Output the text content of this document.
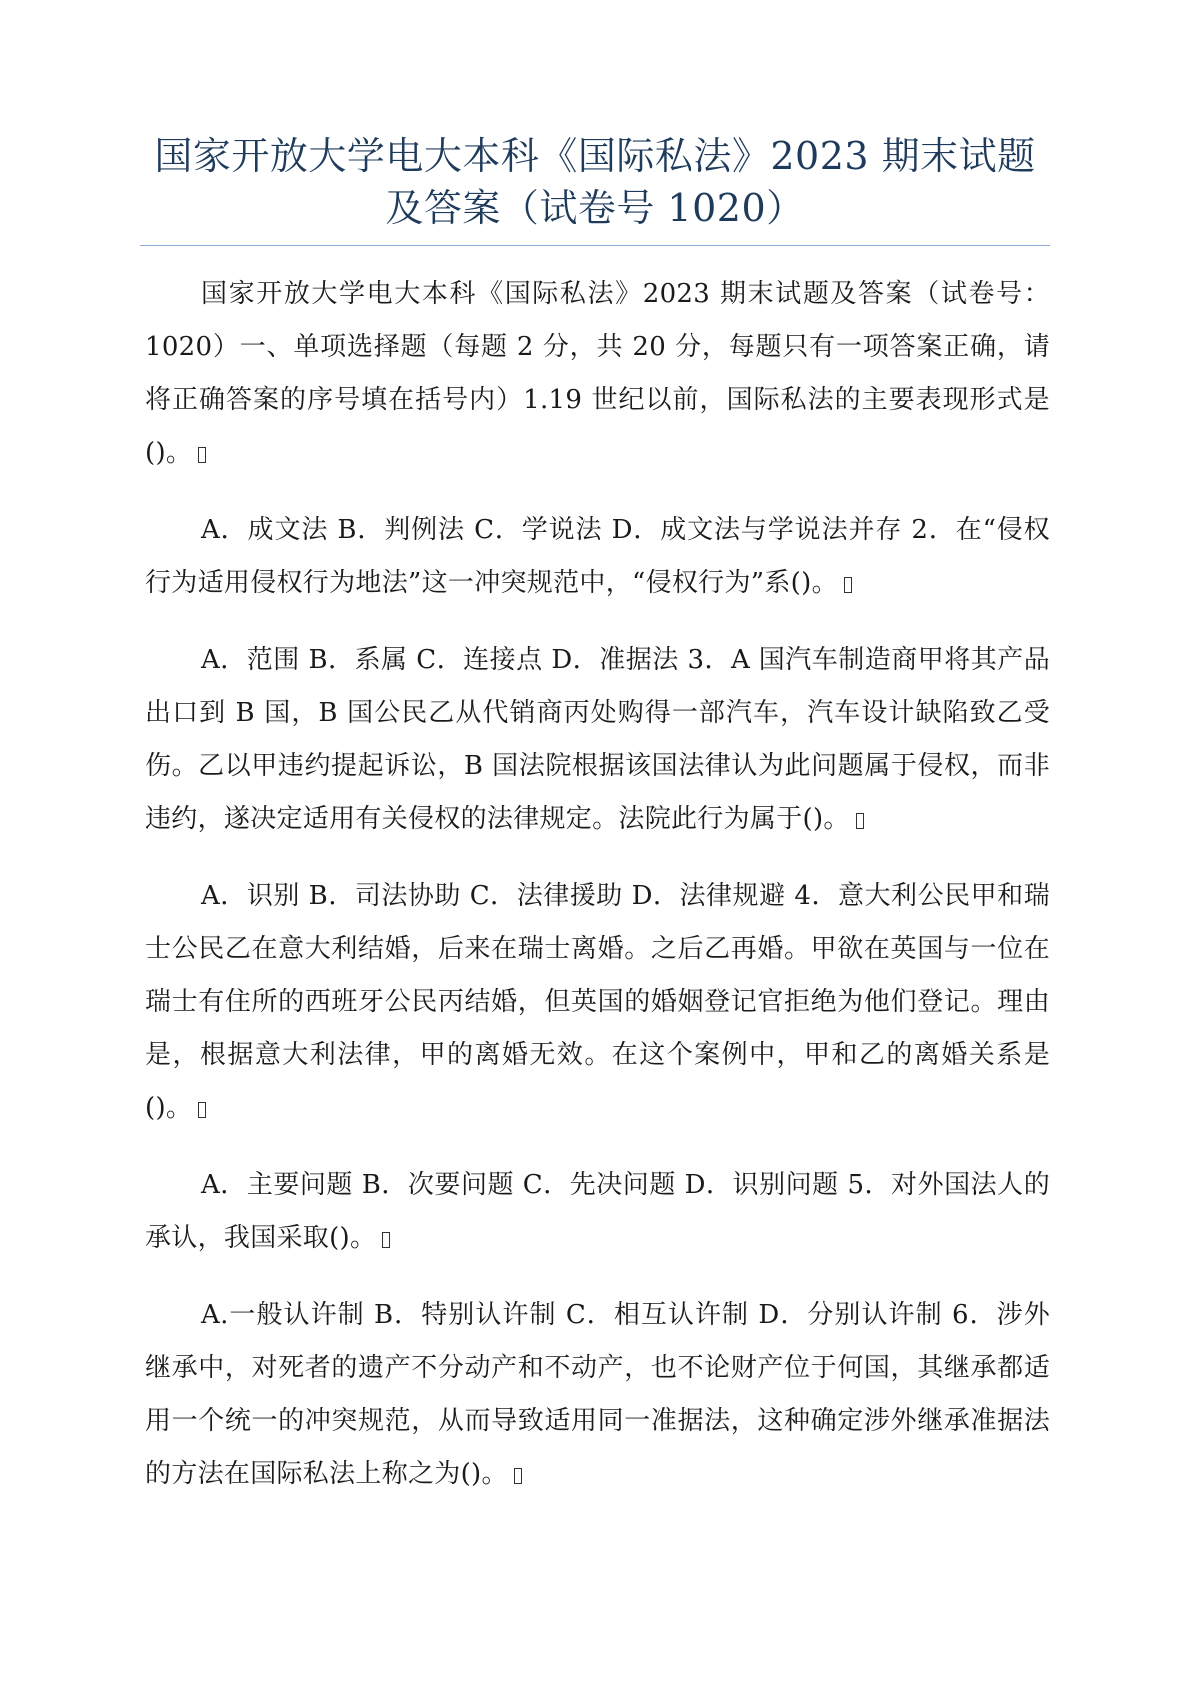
国家开放大学电大本科《国际私法》2023 期末试题及答案（试卷号 1020）

国家开放大学电大本科《国际私法》2023 期末试题及答案（试卷号：1020）一、单项选择题（每题 2 分，共 20 分，每题只有一项答案正确，请将正确答案的序号填在括号内）1.19 世纪以前，国际私法的主要表现形式是()。

A．成文法 B．判例法 C．学说法 D．成文法与学说法并存 2．在“侵权行为适用侵权行为地法”这一冲突规范中，“侵权行为”系()。

A．范围 B．系属 C．连接点 D．准据法 3．A 国汽车制造商甲将其产品出口到 B 国，B 国公民乙从代销商丙处购得一部汽车，汽车设计缺陷致乙受伤。乙以甲违约提起诉讼，B 国法院根据该国法律认为此问题属于侵权，而非违约，遂决定适用有关侵权的法律规定。法院此行为属于()。

A．识别 B．司法协助 C．法律援助 D．法律规避 4．意大利公民甲和瑞士公民乙在意大利结婚，后来在瑞士离婚。之后乙再婚。甲欲在英国与一位在瑞士有住所的西班牙公民丙结婚，但英国的婚姻登记官拒绝为他们登记。理由是，根据意大利法律，甲的离婚无效。在这个案例中，甲和乙的离婚关系是()。

A．主要问题 B．次要问题 C．先决问题 D．识别问题 5．对外国法人的承认，我国采取()。

A.一般认许制 B．特别认许制 C．相互认许制 D．分别认许制 6．涉外继承中，对死者的遗产不分动产和不动产，也不论财产位于何国，其继承都适用一个统一的冲突规范，从而导致适用同一准据法，这种确定涉外继承准据法的方法在国际私法上称之为()。
